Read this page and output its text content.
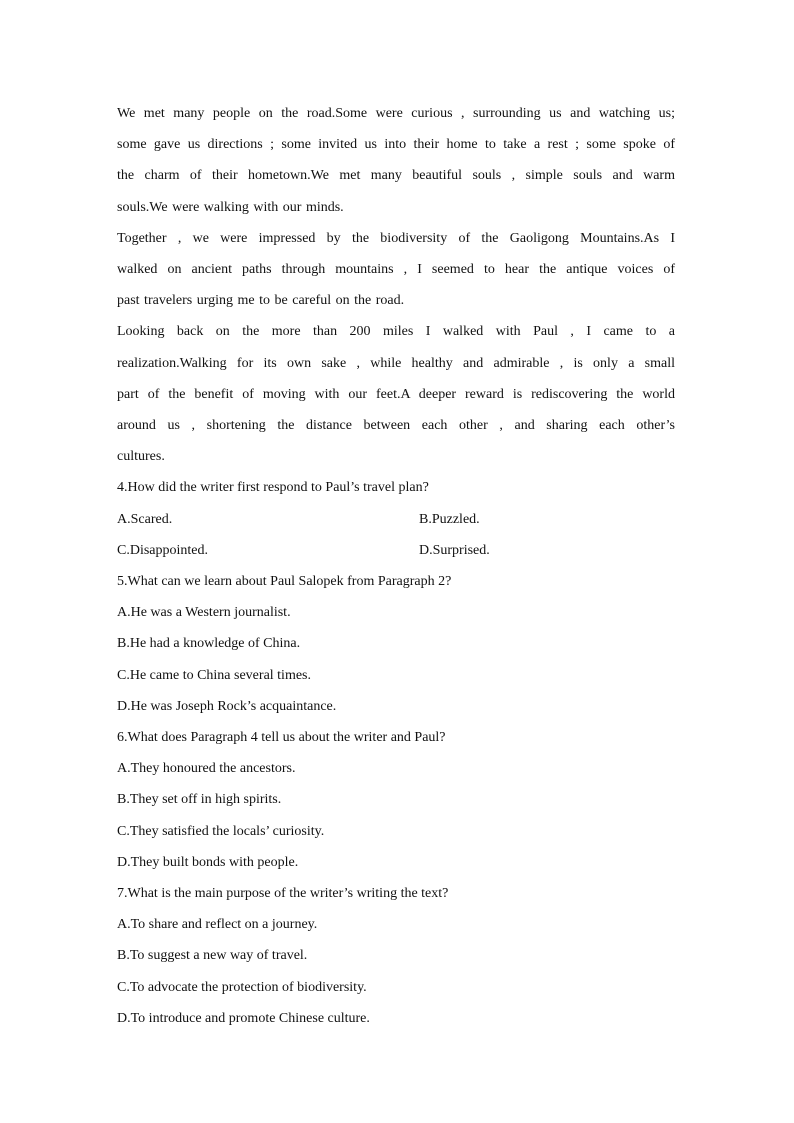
We met many people on the road.Some were curious , surrounding us and watching us;

some gave us directions ; some invited us into their home to take a rest ; some spoke of

the charm of their hometown.We met many beautiful souls , simple souls and warm

souls.We were walking with our minds.

Together , we were impressed by the biodiversity of the Gaoligong Mountains.As I

walked on ancient paths through mountains , I seemed to hear the antique voices of

past travelers urging me to be careful on the road.

Looking back on the more than 200 miles I walked with Paul , I came to a

realization.Walking for its own sake , while healthy and admirable , is only a small

part of the benefit of moving with our feet.A deeper reward is rediscovering the world

around us , shortening the distance between each other , and sharing each other’s

cultures.

4.How did the writer first respond to Paul’s travel plan?

A.Scared.	B.Puzzled.
C.Disappointed.	D.Surprised.

5.What can we learn about Paul Salopek from Paragraph 2?

A.He was a Western journalist.
B.He had a knowledge of China.
C.He came to China several times.
D.He was Joseph Rock’s acquaintance.

6.What does Paragraph 4 tell us about the writer and Paul?

A.They honoured the ancestors.
B.They set off in high spirits.
C.They satisfied the locals’ curiosity.
D.They built bonds with people.

7.What is the main purpose of the writer’s writing the text?

A.To share and reflect on a journey.
B.To suggest a new way of travel.
C.To advocate the protection of biodiversity.
D.To introduce and promote Chinese culture.
